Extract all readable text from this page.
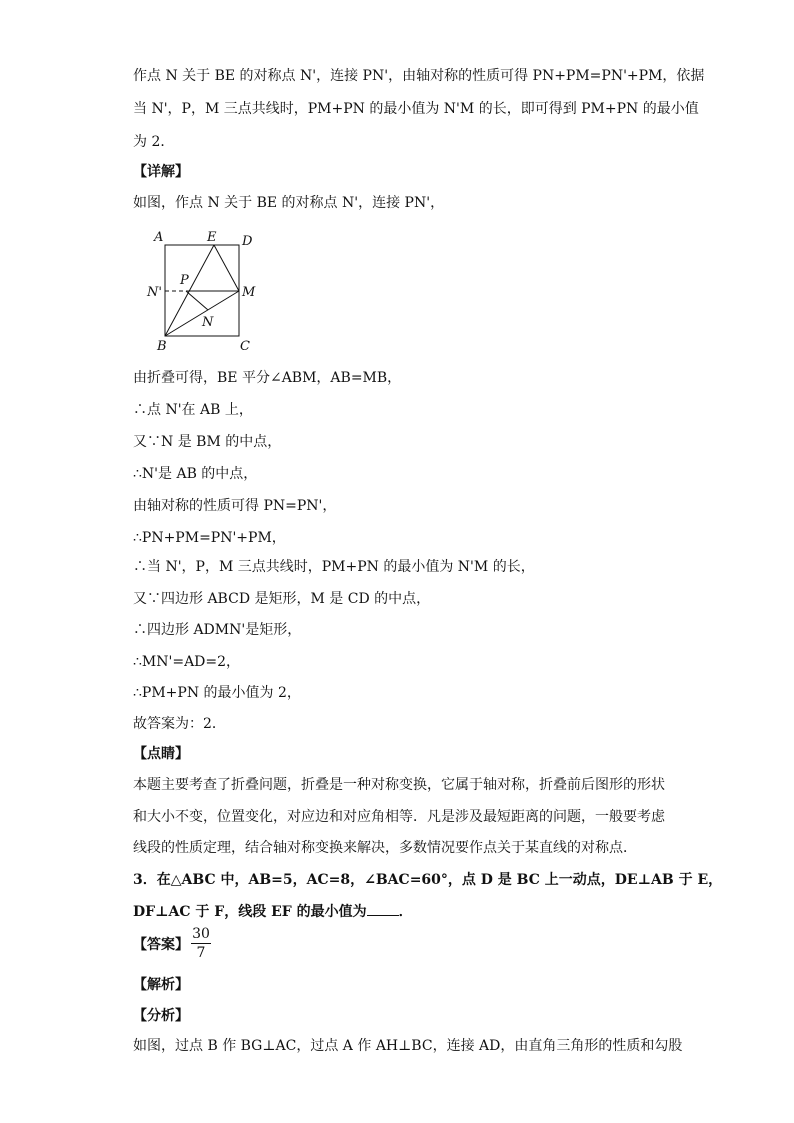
作点 N 关于 BE 的对称点 N'，连接 PN'，由轴对称的性质可得 PN+PM=PN'+PM，依据
当 N'，P，M 三点共线时，PM+PN 的最小值为 N'M 的长，即可得到 PM+PN 的最小值
为 2．
【详解】
如图，作点 N 关于 BE 的对称点 N'，连接 PN'，
A	E D
P
N'	M
N
B	C
由折叠可得，BE 平分∠ABM，AB=MB，
∴点 N'在 AB 上，
又∵N 是 BM 的中点，
∴N'是 AB 的中点，
由轴对称的性质可得 PN=PN'，
∴PN+PM=PN'+PM，
∴当 N'，P，M 三点共线时，PM+PN 的最小值为 N'M 的长，
又∵四边形 ABCD 是矩形，M 是 CD 的中点，
∴四边形 ADMN'是矩形，
∴MN'=AD=2，
∴PM+PN 的最小值为 2，
故答案为：2．
【点睛】
本题主要考查了折叠问题，折叠是一种对称变换，它属于轴对称，折叠前后图形的形状
和大小不变，位置变化，对应边和对应角相等．凡是涉及最短距离的问题，一般要考虑
线段的性质定理，结合轴对称变换来解决，多数情况要作点关于某直线的对称点．
3．在△ABC 中，AB=5，AC=8，∠BAC=60°，点 D 是 BC 上一动点，DE⊥AB 于 E，
DF⊥AC 于 F，线段 EF 的最小值为 ．
【答案】
30
7
【解析】
【分析】
如图，过点 B 作 BG⊥AC，过点 A 作 AH⊥BC，连接 AD，由直角三角形的性质和勾股
